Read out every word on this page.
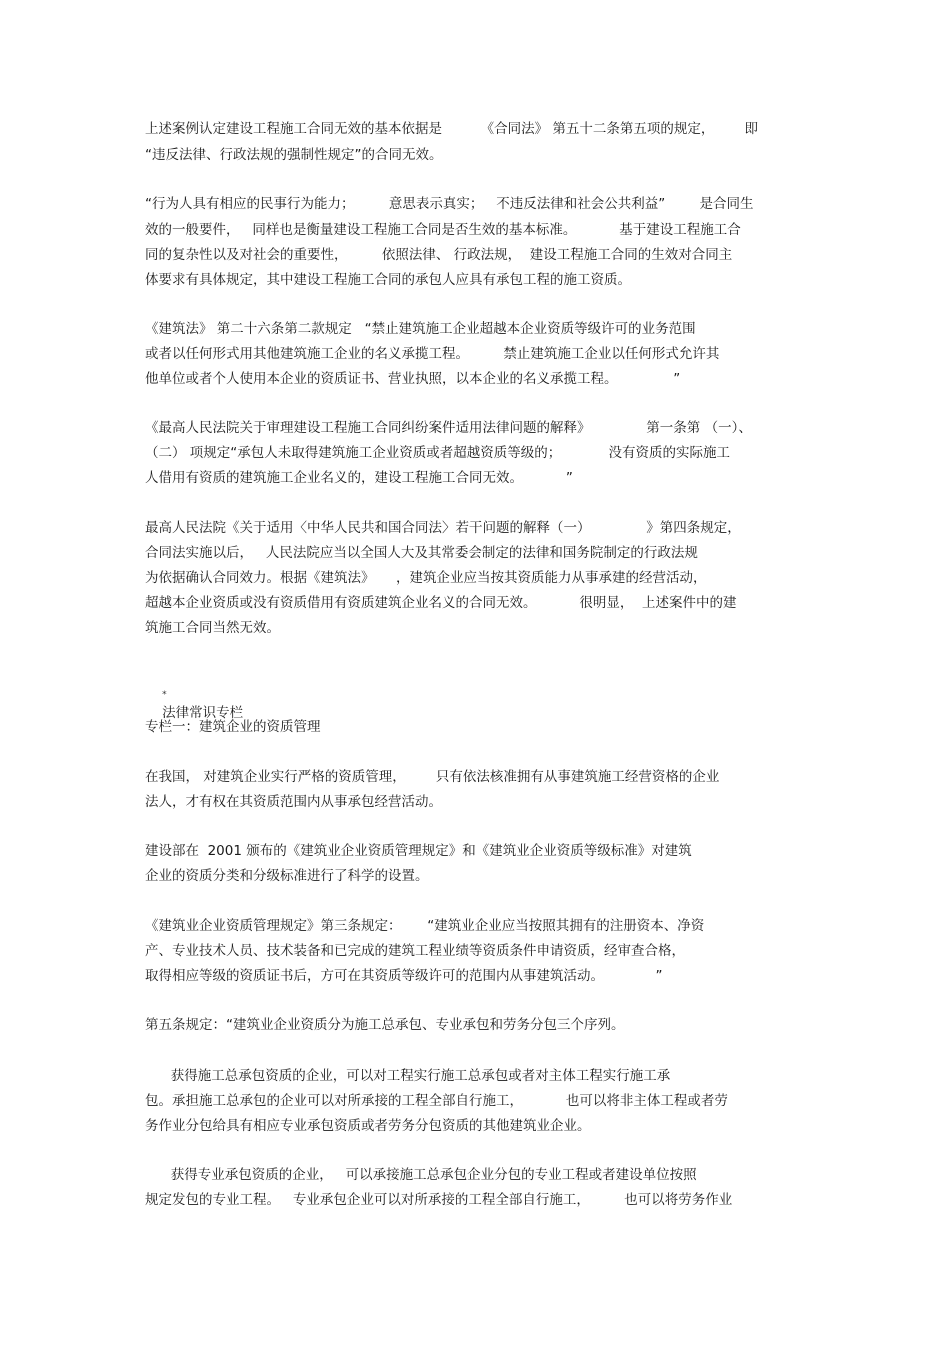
上述案例认定建设工程施工合同无效的基本依据是         《合同法》 第五十二条第五项的规定，       即

“违反法律、行政法规的强制性规定”的合同无效。

“行为人具有相应的民事行为能力；        意思表示真实；   不违反法律和社会公共利益”        是合同生

效的一般要件，   同样也是衡量建设工程施工合同是否生效的基本标准。          基于建设工程施工合

同的复杂性以及对社会的重要性，        依照法律、 行政法规，  建设工程施工合同的生效对合同主

体要求有具体规定，其中建设工程施工合同的承包人应具有承包工程的施工资质。

《建筑法》 第二十六条第二款规定   “禁止建筑施工企业超越本企业资质等级许可的业务范围

或者以任何形式用其他建筑施工企业的名义承揽工程。        禁止建筑施工企业以任何形式允许其

他单位或者个人使用本企业的资质证书、营业执照，以本企业的名义承揽工程。             ”

《最高人民法院关于审理建设工程施工合同纠纷案件适用法律问题的解释》             第一条第 （一）、

（二） 项规定“承包人未取得建筑施工企业资质或者超越资质等级的；           没有资质的实际施工

人借用有资质的建筑施工企业名义的，建设工程施工合同无效。          ”

最高人民法院《关于适用〈中华人民共和国合同法〉若干问题的解释（一）             》第四条规定，

合同法实施以后，   人民法院应当以全国人大及其常委会制定的法律和国务院制定的行政法规

为依据确认合同效力。根据《建筑法》     ，建筑企业应当按其资质能力从事承建的经营活动，

超越本企业资质或没有资质借用有资质建筑企业名义的合同无效。          很明显，  上述案件中的建

筑施工合同当然无效。

*
法律常识专栏

专栏一：建筑企业的资质管理

在我国， 对建筑企业实行严格的资质管理，       只有依法核准拥有从事建筑施工经营资格的企业

法人，才有权在其资质范围内从事承包经营活动。

建设部在  2001 颁布的《建筑业企业资质管理规定》和《建筑业企业资质等级标准》对建筑

企业的资质分类和分级标准进行了科学的设置。

《建筑业企业资质管理规定》第三条规定：      “建筑业企业应当按照其拥有的注册资本、净资

产、专业技术人员、技术装备和已完成的建筑工程业绩等资质条件申请资质，经审查合格，

取得相应等级的资质证书后，方可在其资质等级许可的范围内从事建筑活动。            ”

第五条规定：“建筑业企业资质分为施工总承包、专业承包和劳务分包三个序列。

获得施工总承包资质的企业，可以对工程实行施工总承包或者对主体工程实行施工承

包。承担施工总承包的企业可以对所承接的工程全部自行施工，          也可以将非主体工程或者劳

务作业分包给具有相应专业承包资质或者劳务分包资质的其他建筑业企业。

获得专业承包资质的企业，   可以承接施工总承包企业分包的专业工程或者建设单位按照

规定发包的专业工程。   专业承包企业可以对所承接的工程全部自行施工，        也可以将劳务作业
